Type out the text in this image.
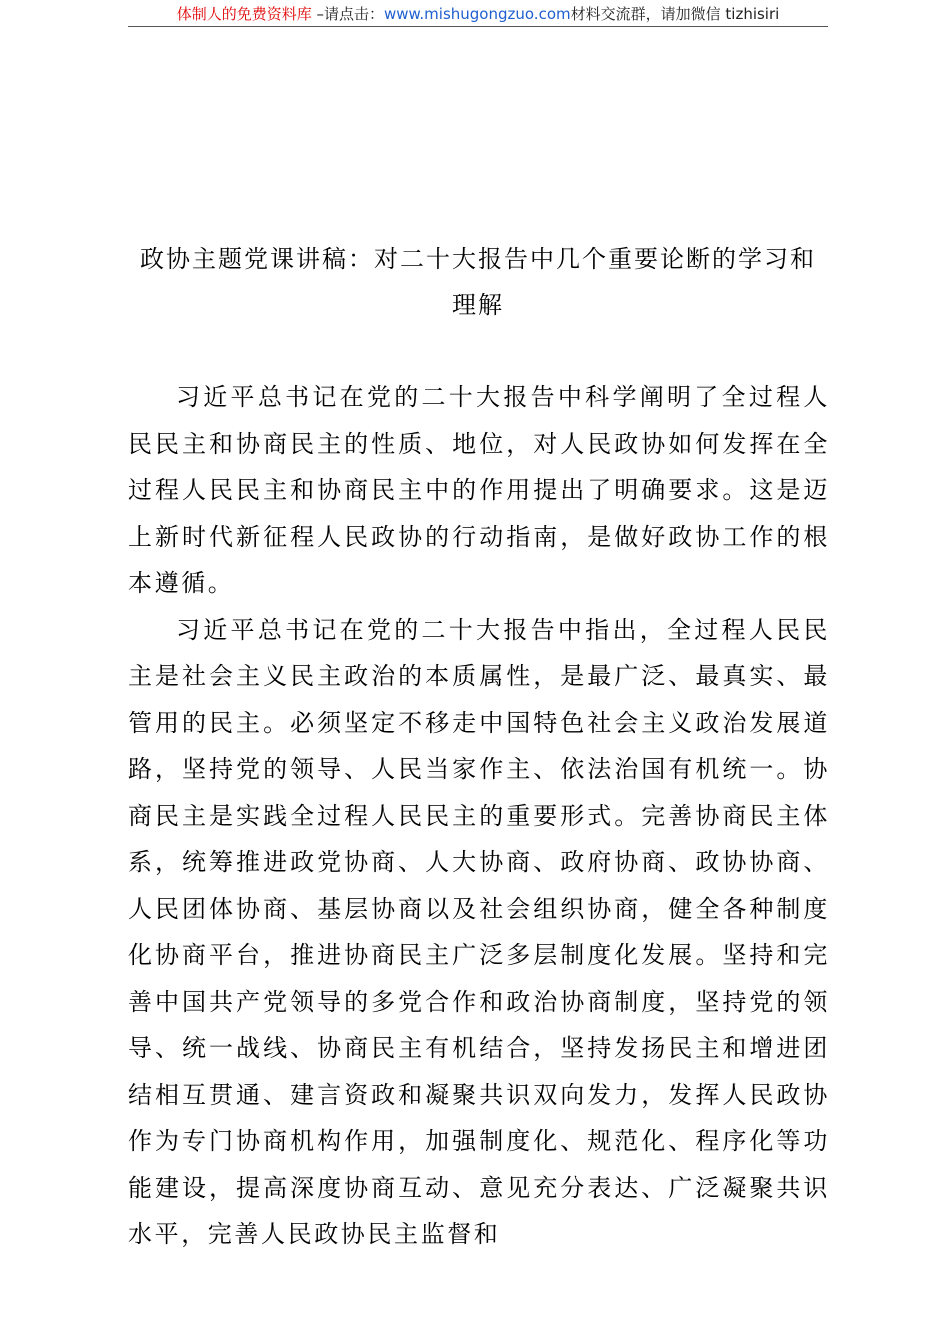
体制人的免费资料库 –请点击：www.mishugongzuo.com材料交流群，请加微信 tizhisiri
政协主题党课讲稿：对二十大报告中几个重要论断的学习和理解

习近平总书记在党的二十大报告中科学阐明了全过程人民民主和协商民主的性质、地位，对人民政协如何发挥在全过程人民民主和协商民主中的作用提出了明确要求。这是迈上新时代新征程人民政协的行动指南，是做好政协工作的根本遵循。

习近平总书记在党的二十大报告中指出，全过程人民民主是社会主义民主政治的本质属性，是最广泛、最真实、最管用的民主。必须坚定不移走中国特色社会主义政治发展道路，坚持党的领导、人民当家作主、依法治国有机统一。协商民主是实践全过程人民民主的重要形式。完善协商民主体系，统筹推进政党协商、人大协商、政府协商、政协协商、人民团体协商、基层协商以及社会组织协商，健全各种制度化协商平台，推进协商民主广泛多层制度化发展。坚持和完善中国共产党领导的多党合作和政治协商制度，坚持党的领导、统一战线、协商民主有机结合，坚持发扬民主和增进团结相互贯通、建言资政和凝聚共识双向发力，发挥人民政协作为专门协商机构作用，加强制度化、规范化、程序化等功能建设，提高深度协商互动、意见充分表达、广泛凝聚共识水平，完善人民政协民主监督和
